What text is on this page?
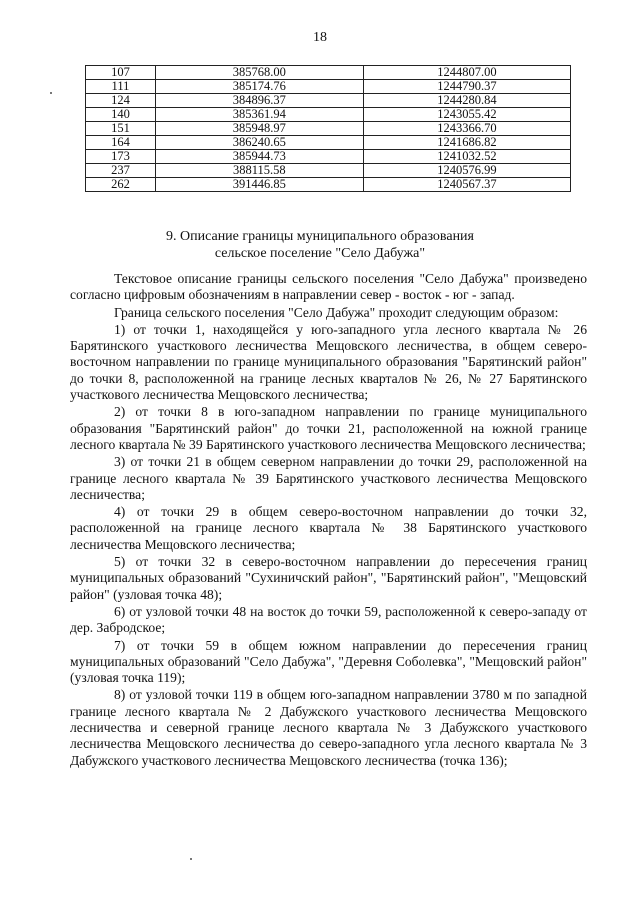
18
107	385768.00	1244807.00
111	385174.76	1244790.37
124	384896.37	1244280.84
140	385361.94	1243055.42
151	385948.97	1243366.70
164	386240.65	1241686.82
173	385944.73	1241032.52
237	388115.58	1240576.99
262	391446.85	1240567.37
9. Описание границы муниципального образования
сельское поселение "Село Дабужа"

Текстовое описание границы сельского поселения "Село Дабужа" произведено согласно цифровым обозначениям в направлении север - восток - юг - запад.

Граница сельского поселения "Село Дабужа" проходит следующим образом:

1) от точки 1, находящейся у юго-западного угла лесного квартала № 26 Барятинского участкового лесничества Мещовского лесничества, в общем северо-восточном направлении по границе муниципального образования "Барятинский район" до точки 8, расположенной на границе лесных кварталов № 26, № 27 Барятинского участкового лесничества Мещовского лесничества;

2) от точки 8 в юго-западном направлении по границе муниципального образования "Барятинский район" до точки 21, расположенной на южной границе лесного квартала № 39 Барятинского участкового лесничества Мещовского лесничества;

3) от точки 21 в общем северном направлении до точки 29, расположенной на границе лесного квартала № 39 Барятинского участкового лесничества Мещовского лесничества;

4) от точки 29 в общем северо-восточном направлении до точки 32, расположенной на границе лесного квартала № 38 Барятинского участкового лесничества Мещовского лесничества;

5) от точки 32 в северо-восточном направлении до пересечения границ муниципальных образований "Сухиничский район", "Барятинский район", "Мещовский район" (узловая точка 48);

6) от узловой точки 48 на восток до точки 59, расположенной к северо-западу от дер. Забродское;

7) от точки 59 в общем южном направлении до пересечения границ муниципальных образований "Село Дабужа", "Деревня Соболевка", "Мещовский район" (узловая точка 119);

8) от узловой точки 119 в общем юго-западном направлении 3780 м по западной границе лесного квартала № 2 Дабужского участкового лесничества Мещовского лесничества и северной границе лесного квартала № 3 Дабужского участкового лесничества Мещовского лесничества до северо-западного угла лесного квартала № 3 Дабужского участкового лесничества Мещовского лесничества (точка 136);
